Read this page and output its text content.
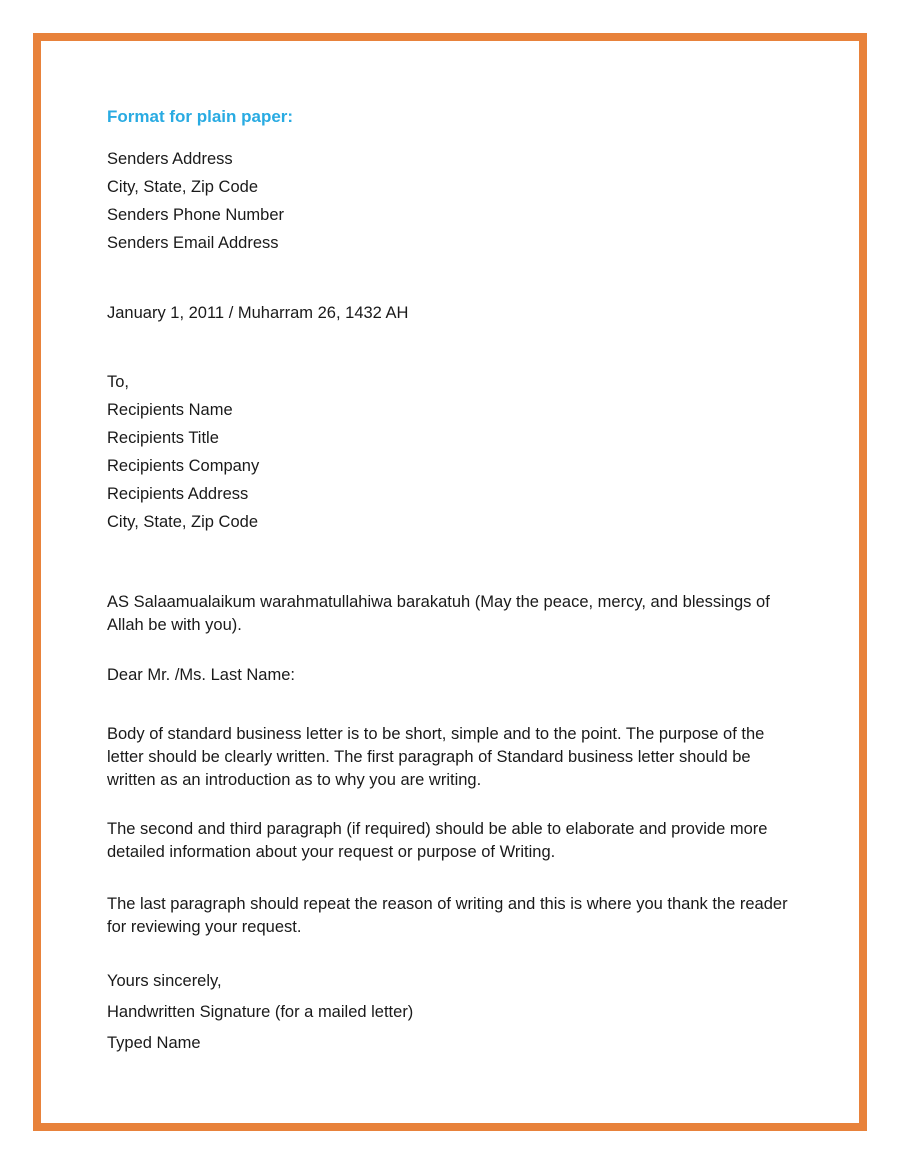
Format for plain paper:
Senders Address
City, State, Zip Code
Senders Phone Number
Senders Email Address
January 1, 2011 / Muharram 26, 1432 AH
To,
Recipients Name
Recipients Title
Recipients Company
Recipients Address
City, State, Zip Code
AS Salaamualaikum warahmatullahiwa barakatuh (May the peace, mercy, and blessings of Allah be with you).
Dear Mr. /Ms. Last Name:
Body of standard business letter is to be short, simple and to the point. The purpose of the letter should be clearly written. The first paragraph of Standard business letter should be written as an introduction as to why you are writing.
The second and third paragraph (if required) should be able to elaborate and provide more detailed information about your request or purpose of Writing.
The last paragraph should repeat the reason of writing and this is where you thank the reader for reviewing your request.
Yours sincerely,
Handwritten Signature (for a mailed letter)
Typed Name
